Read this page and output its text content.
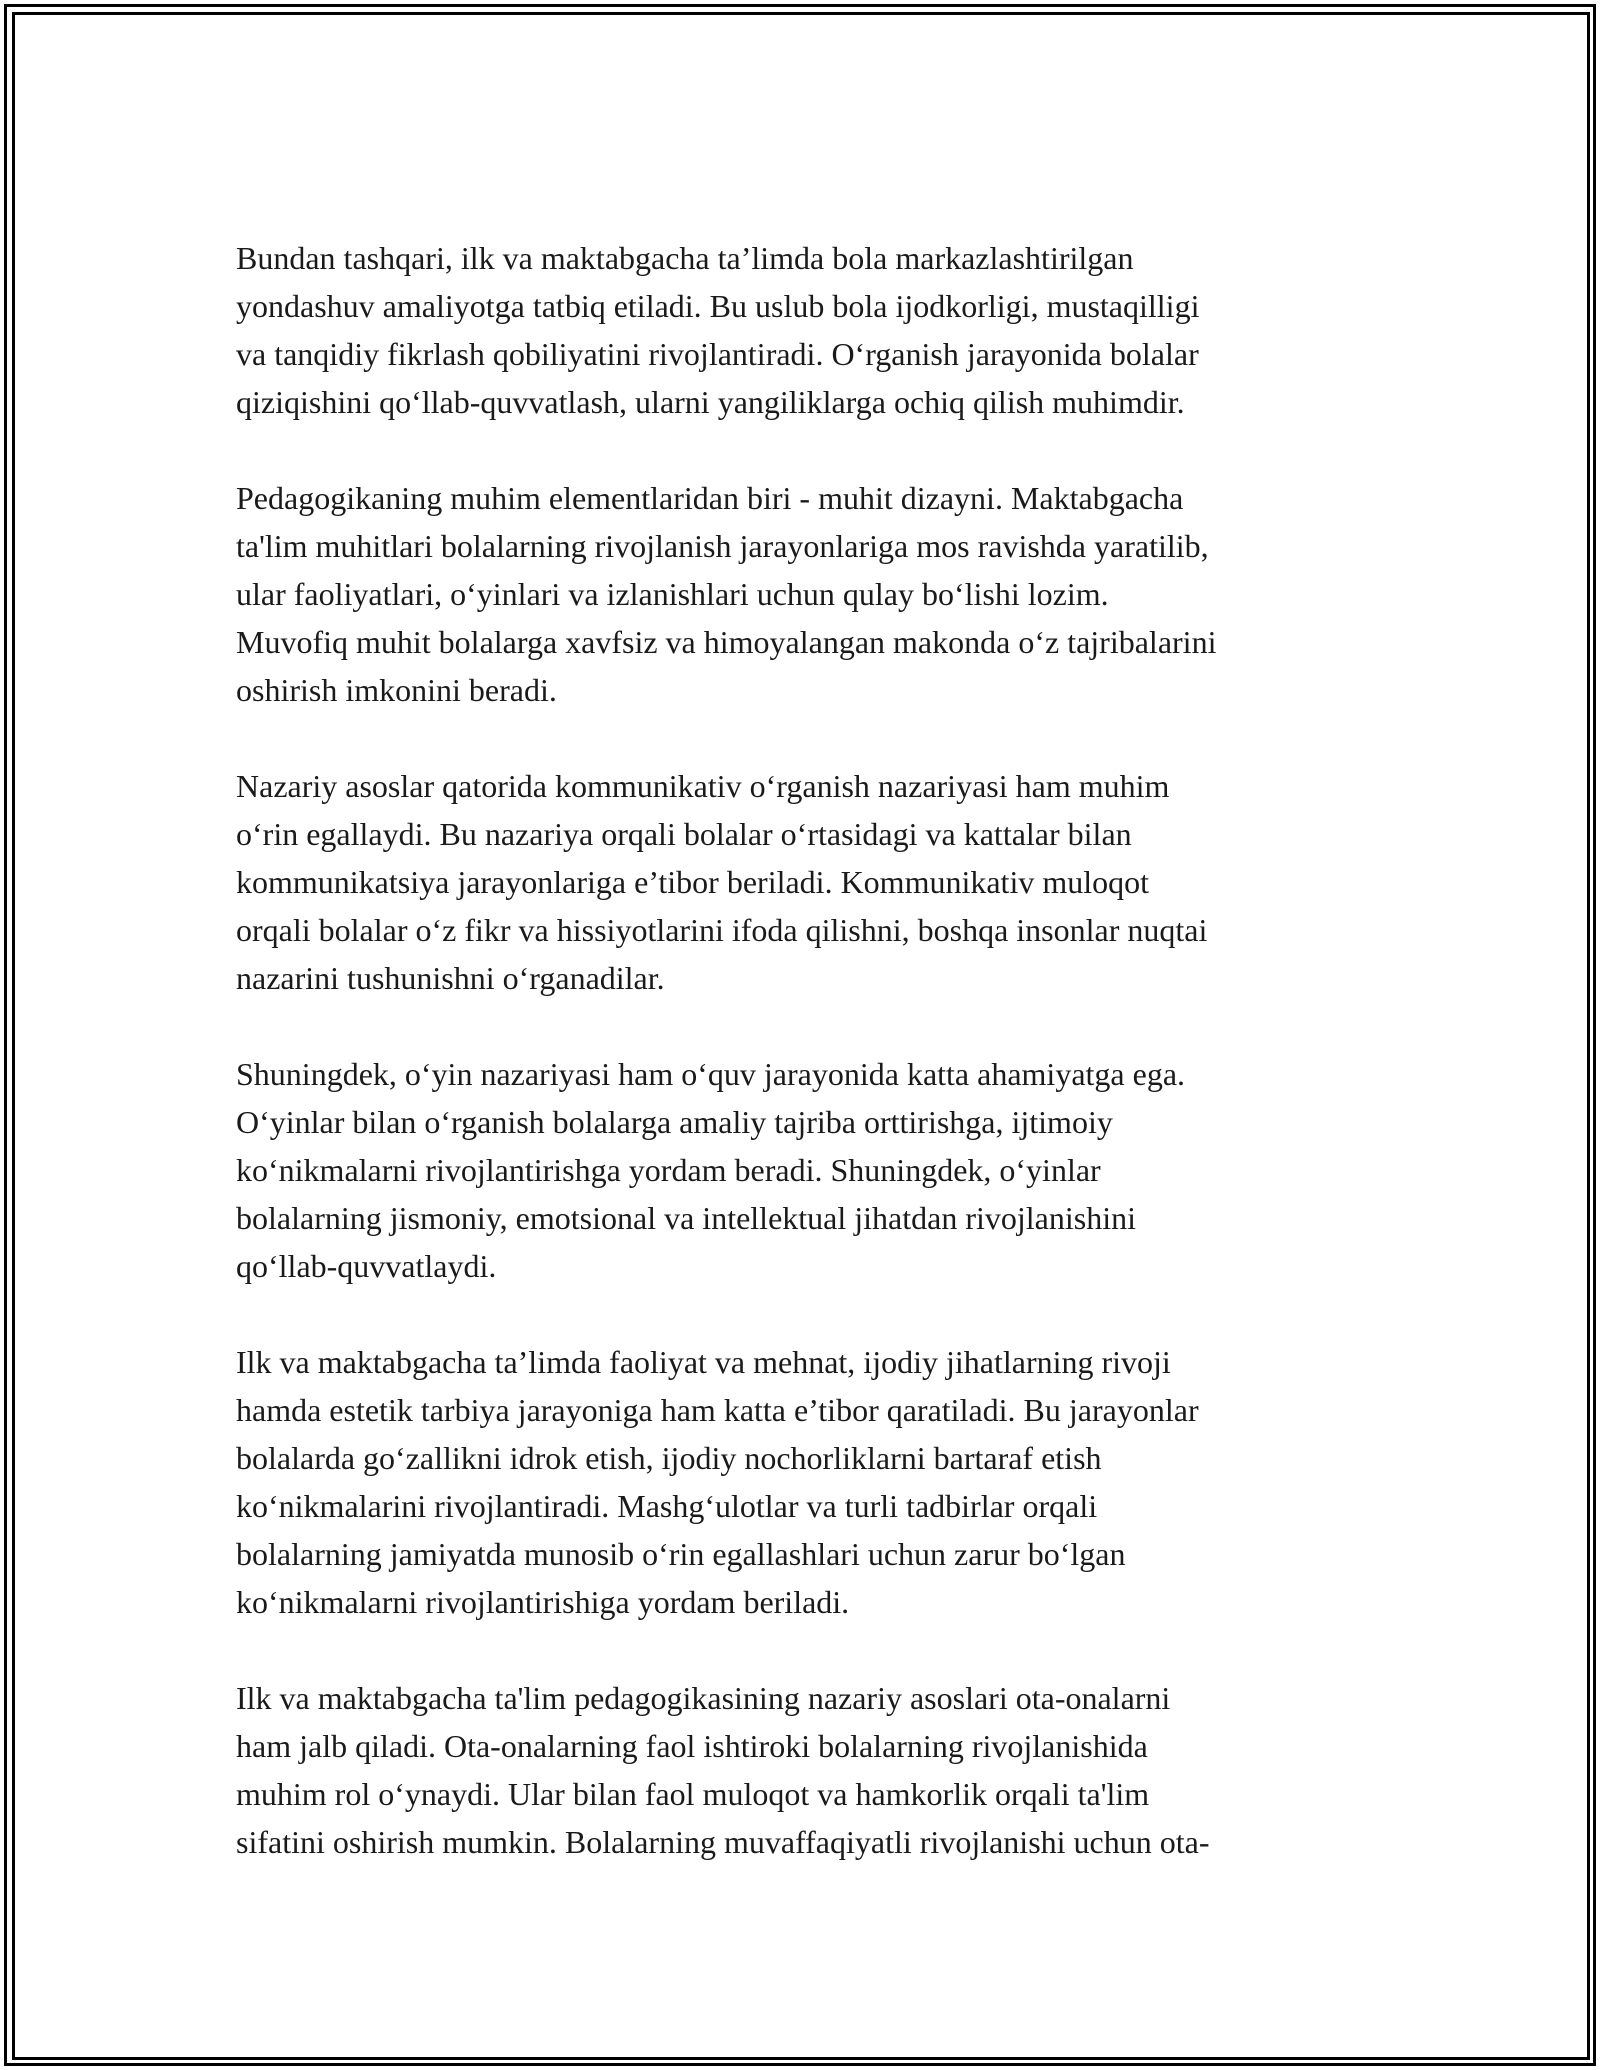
Bundan tashqari, ilk va maktabgacha ta’limda bola markazlashtirilgan
yondashuv amaliyotga tatbiq etiladi. Bu uslub bola ijodkorligi, mustaqilligi
va tanqidiy fikrlash qobiliyatini rivojlantiradi. O‘rganish jarayonida bolalar
qiziqishini qo‘llab-quvvatlash, ularni yangiliklarga ochiq qilish muhimdir.

Pedagogikaning muhim elementlaridan biri - muhit dizayni. Maktabgacha
ta'lim muhitlari bolalarning rivojlanish jarayonlariga mos ravishda yaratilib,
ular faoliyatlari, o‘yinlari va izlanishlari uchun qulay bo‘lishi lozim.
Muvofiq muhit bolalarga xavfsiz va himoyalangan makonda o‘z tajribalarini
oshirish imkonini beradi.

Nazariy asoslar qatorida kommunikativ o‘rganish nazariyasi ham muhim
o‘rin egallaydi. Bu nazariya orqali bolalar o‘rtasidagi va kattalar bilan
kommunikatsiya jarayonlariga e’tibor beriladi. Kommunikativ muloqot
orqali bolalar o‘z fikr va hissiyotlarini ifoda qilishni, boshqa insonlar nuqtai
nazarini tushunishni o‘rganadilar.

Shuningdek, o‘yin nazariyasi ham o‘quv jarayonida katta ahamiyatga ega.
O‘yinlar bilan o‘rganish bolalarga amaliy tajriba orttirishga, ijtimoiy
ko‘nikmalarni rivojlantirishga yordam beradi. Shuningdek, o‘yinlar
bolalarning jismoniy, emotsional va intellektual jihatdan rivojlanishini
qo‘llab-quvvatlaydi.

Ilk va maktabgacha ta’limda faoliyat va mehnat, ijodiy jihatlarning rivoji
hamda estetik tarbiya jarayoniga ham katta e’tibor qaratiladi. Bu jarayonlar
bolalarda go‘zallikni idrok etish, ijodiy nochorliklarni bartaraf etish
ko‘nikmalarini rivojlantiradi. Mashg‘ulotlar va turli tadbirlar orqali
bolalarning jamiyatda munosib o‘rin egallashlari uchun zarur bo‘lgan
ko‘nikmalarni rivojlantirishiga yordam beriladi.

Ilk va maktabgacha ta'lim pedagogikasining nazariy asoslari ota-onalarni
ham jalb qiladi. Ota-onalarning faol ishtiroki bolalarning rivojlanishida
muhim rol o‘ynaydi. Ular bilan faol muloqot va hamkorlik orqali ta'lim
sifatini oshirish mumkin. Bolalarning muvaffaqiyatli rivojlanishi uchun ota-
